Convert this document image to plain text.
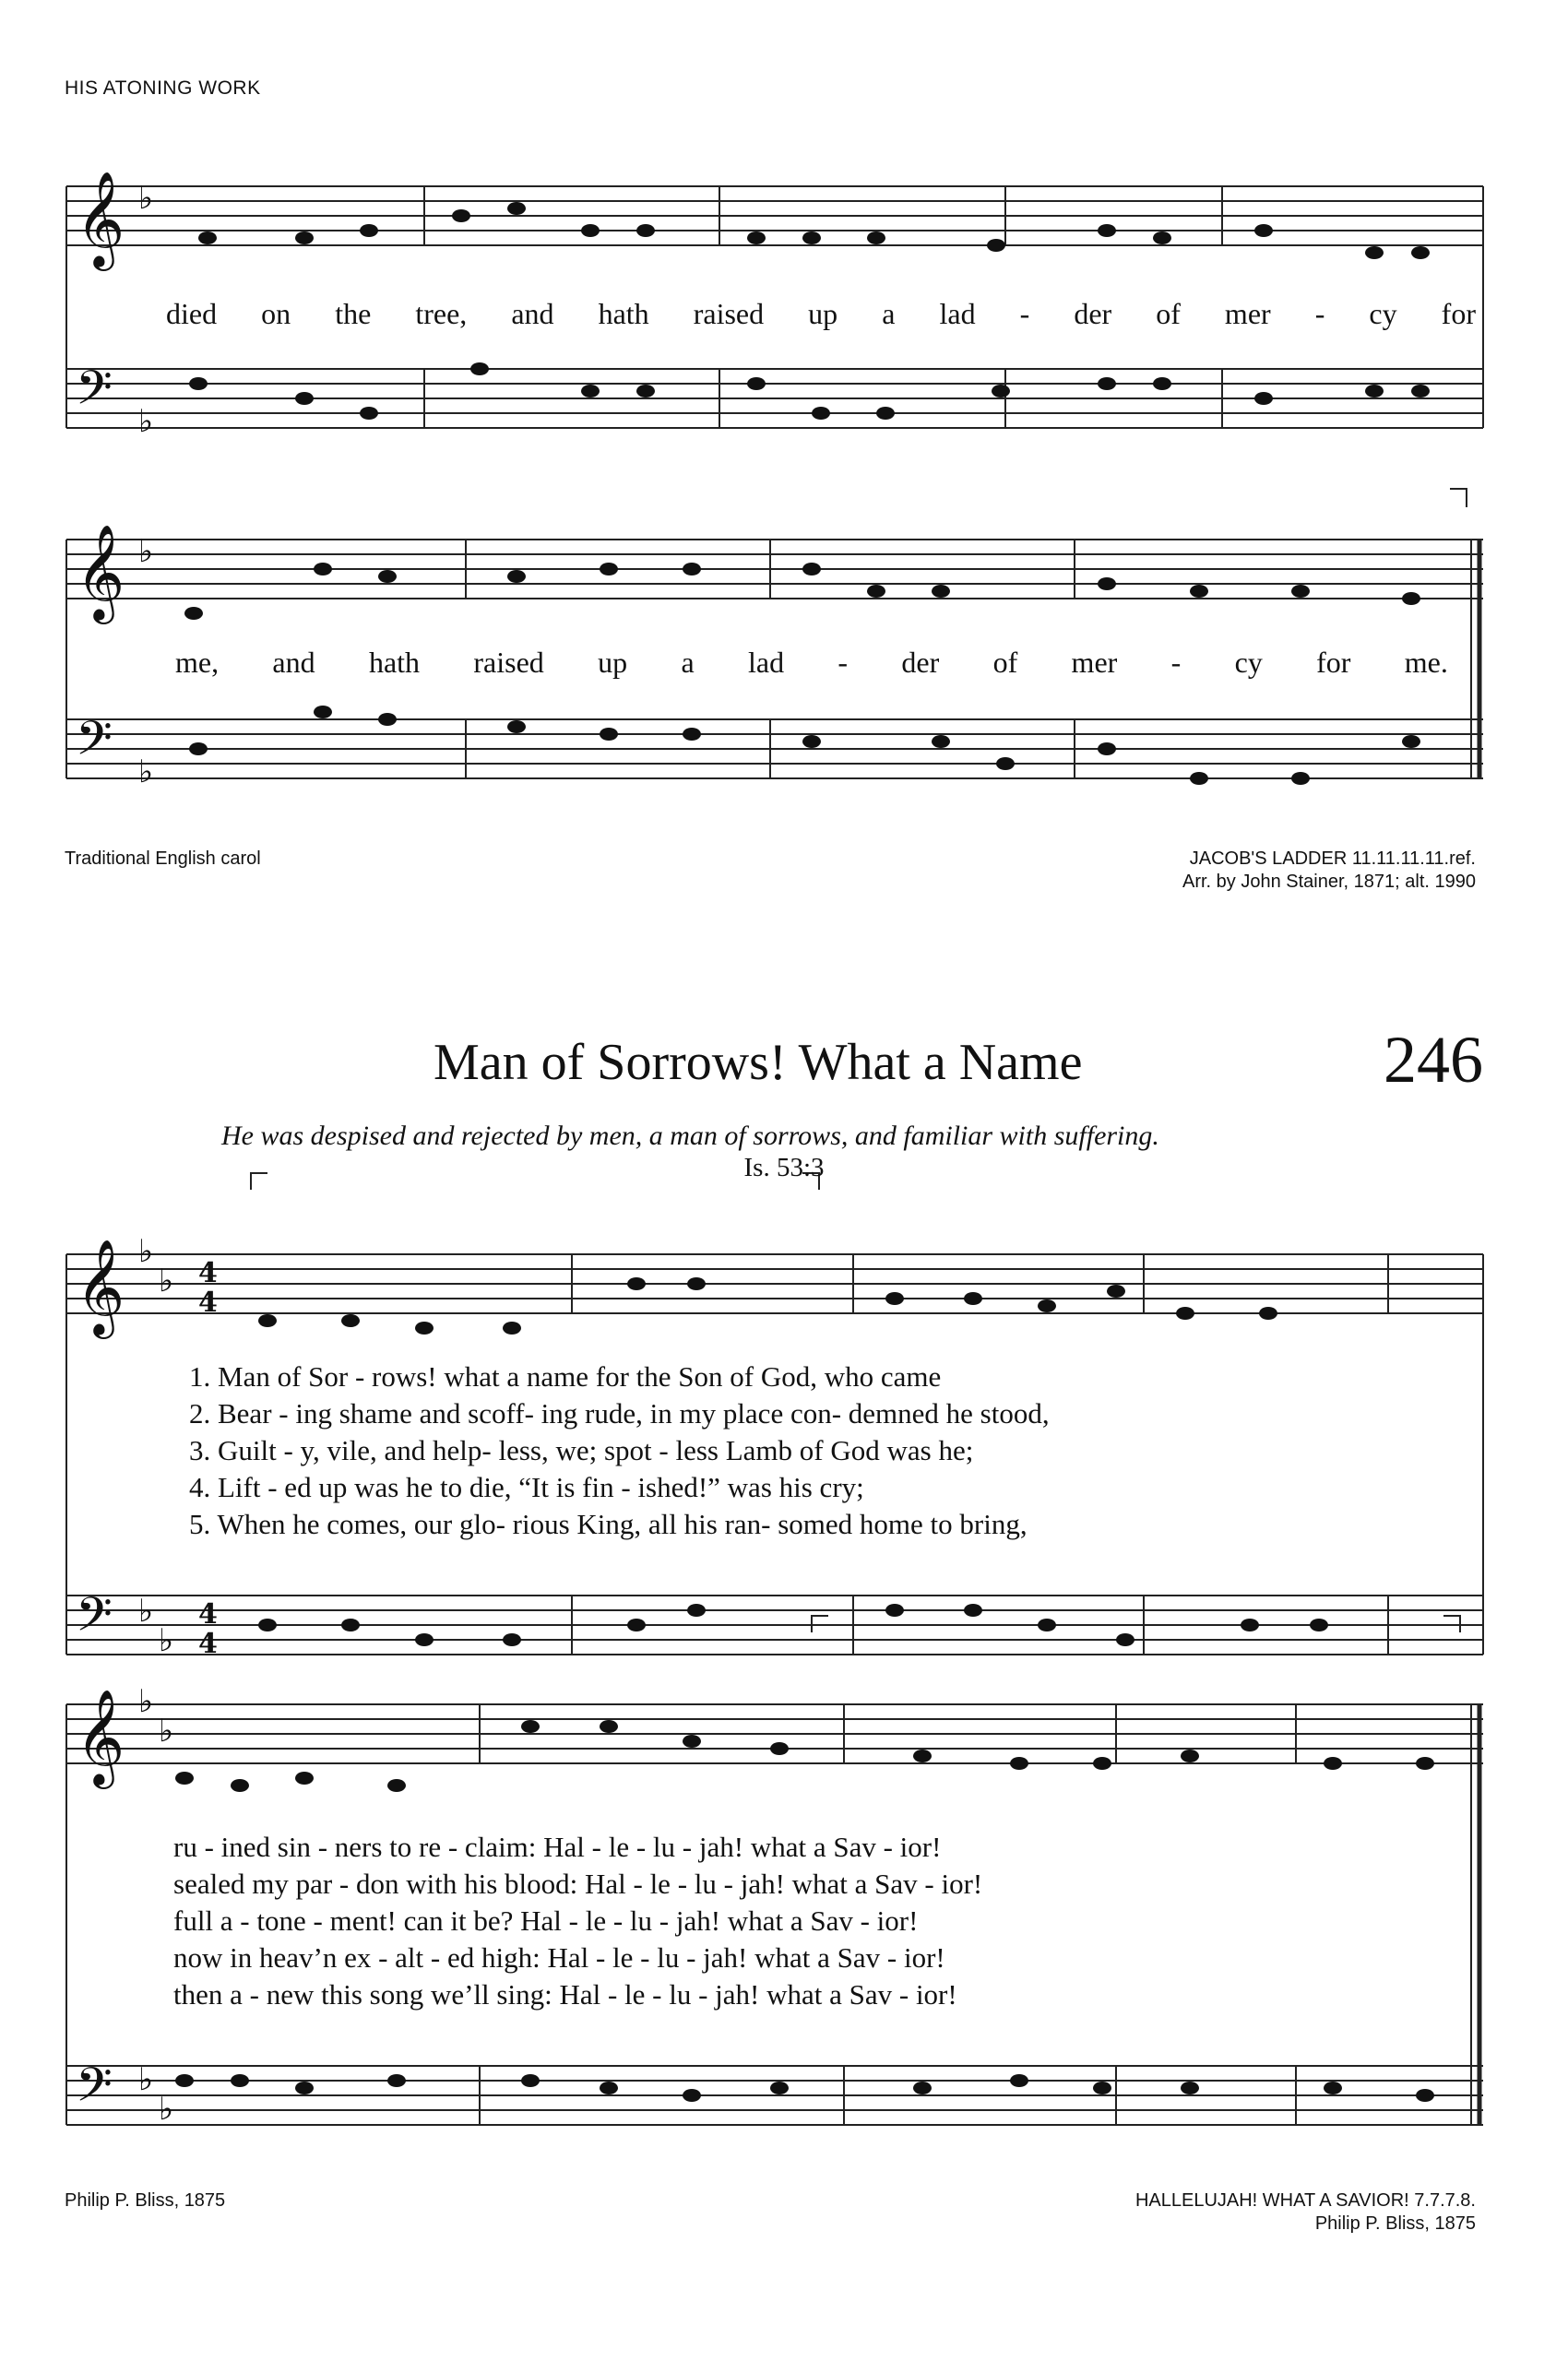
HIS ATONING WORK
𝄞
𝄢
𝄞
𝄢
𝄞
𝄢
𝄞
𝄢
♭
♭
♭
♭
♭
♭
♭
♭
♭
♭
♭
♭
4
4
4
4
died on the tree, and hath raised up a lad - der of mer - cy for
me, and hath raised up a lad - der of mer - cy for me.
Traditional English carol	JACOB'S LADDER 11.11.11.11.ref.
Arr. by John Stainer, 1871; alt. 1990
Man of Sorrows! What a Name	246
He was despised and rejected by men, a man of sorrows, and familiar with suffering.
Is. 53:3
1. Man of Sor - rows! what a name for the Son of God, who came
2. Bear - ing shame and scoff- ing rude, in my place con- demned he stood,
3. Guilt - y, vile, and help- less, we; spot - less Lamb of God was he;
4. Lift - ed up was he to die, “It is fin - ished!” was his cry;
5. When he comes, our glo- rious King, all his ran- somed home to bring,
ru - ined sin - ners to re - claim: Hal - le - lu - jah! what a Sav - ior!
sealed my par - don with his blood: Hal - le - lu - jah! what a Sav - ior!
full a - tone - ment! can it be? Hal - le - lu - jah! what a Sav - ior!
now in heav’n ex - alt - ed high: Hal - le - lu - jah! what a Sav - ior!
then a - new this song we’ll sing: Hal - le - lu - jah! what a Sav - ior!
Philip P. Bliss, 1875	HALLELUJAH! WHAT A SAVIOR! 7.7.7.8.
Philip P. Bliss, 1875
